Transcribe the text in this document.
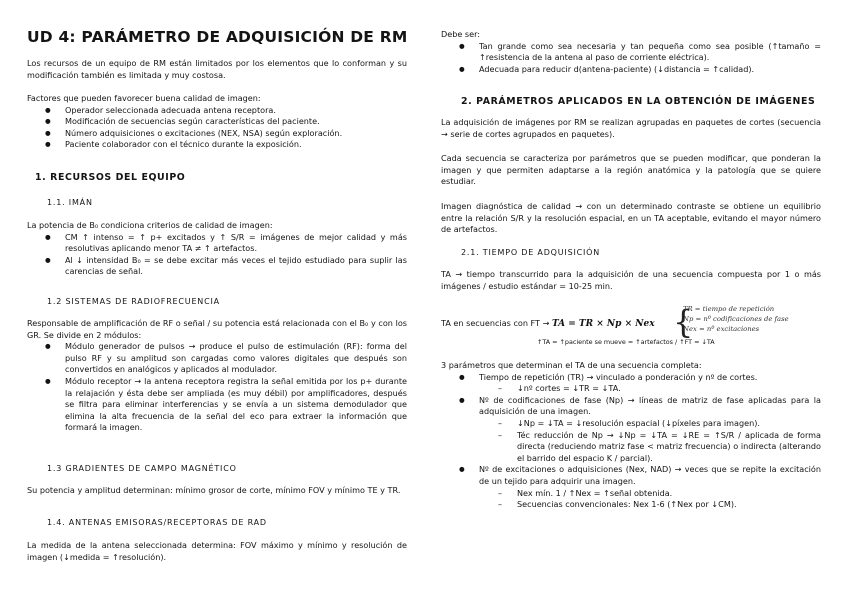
UD 4: PARÁMETRO DE ADQUISICIÓN DE RM

Los recursos de un equipo de RM están limitados por los elementos que lo conforman y su modificación también es limitada y muy costosa.

Factores que pueden favorecer buena calidad de imagen:

● Operador seleccionada adecuada antena receptora.
● Modificación de secuencias según características del paciente.
● Número adquisiciones o excitaciones (NEX, NSA) según exploración.
● Paciente colaborador con el técnico durante la exposición.
1. RECURSOS DEL EQUIPO
1.1. IMÁN

La potencia de B₀ condiciona criterios de calidad de imagen:

● CM ↑ intenso = ↑ p+ excitados y ↑ S/R = imágenes de mejor calidad y más resolutivas aplicando menor TA ≠ ↑ artefactos.
● Al ↓ intensidad B₀ = se debe excitar más veces el tejido estudiado para suplir las carencias de señal.
1.2 SISTEMAS DE RADIOFRECUENCIA

Responsable de amplificación de RF o señal / su potencia está relacionada con el B₀ y con los GR. Se divide en 2 módulos:

● Módulo generador de pulsos → produce el pulso de estimulación (RF): forma del pulso RF y su amplitud son cargadas como valores digitales que después son convertidos en analógicos y aplicados al modulador.
● Módulo receptor → la antena receptora registra la señal emitida por los p+ durante la relajación y ésta debe ser ampliada (es muy débil) por amplificadores, después se filtra para eliminar interferencias y se envía a un sistema demodulador que elimina la alta frecuencia de la señal del eco para extraer la información que formará la imagen.
1.3 GRADIENTES DE CAMPO MAGNÉTICO

Su potencia y amplitud determinan: mínimo grosor de corte, mínimo FOV y mínimo TE y TR.

1.4. ANTENAS EMISORAS/RECEPTORAS DE RAD

La medida de la antena seleccionada determina: FOV máximo y mínimo y resolución de imagen (↓medida = ↑resolución).

Debe ser:

● Tan grande como sea necesaria y tan pequeña como sea posible (↑tamaño = ↑resistencia de la antena al paso de corriente eléctrica).
● Adecuada para reducir d(antena-paciente) (↓distancia = ↑calidad).
2. PARÁMETROS APLICADOS EN LA OBTENCIÓN DE IMÁGENES

La adquisición de imágenes por RM se realizan agrupadas en paquetes de cortes (secuencia → serie de cortes agrupados en paquetes).

Cada secuencia se caracteriza por parámetros que se pueden modificar, que ponderan la imagen y que permiten adaptarse a la región anatómica y la patología que se quiere estudiar.

Imagen diagnóstica de calidad → con un determinado contraste se obtiene un equilibrio entre la relación S/R y la resolución espacial, en un TA aceptable, evitando el mayor número de artefactos.

2.1. TIEMPO DE ADQUISICIÓN

TA → tiempo transcurrido para la adquisición de una secuencia compuesta por 1 o más imágenes / estudio estándar = 10-25 min.

TA en secuencias con FT → TA = TR × Np × Nex {
TR = tiempo de repetición
Np = nº codificaciones de fase
Nex = nº excitaciones
↑TA = ↑paciente se mueve = ↑artefactos / ↑FT = ↓TA

3 parámetros que determinan el TA de una secuencia completa:

● Tiempo de repetición (TR) → vinculado a ponderación y nº de cortes.
– ↓nº cortes = ↓TR = ↓TA.
● Nº de codificaciones de fase (Np) → líneas de matriz de fase aplicadas para la adquisición de una imagen.
– ↓Np = ↓TA = ↓resolución espacial (↓píxeles para imagen).
– Téc reducción de Np → ↓Np = ↓TA = ↓RE = ↑S/R / aplicada de forma directa (reduciendo matriz fase < matriz frecuencia) o indirecta (alterando el barrido del espacio K / parcial).
● Nº de excitaciones o adquisiciones (Nex, NAD) → veces que se repite la excitación de un tejido para adquirir una imagen.
– Nex mín. 1 / ↑Nex = ↑señal obtenida.
– Secuencias convencionales: Nex 1-6 (↑Nex por ↓CM).
